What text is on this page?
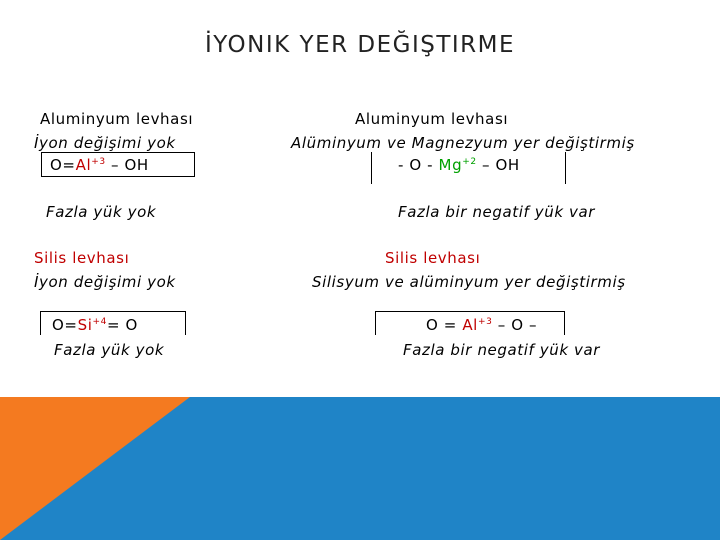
İYONIK YER DEĞIŞTIRME
Aluminyum levhası
İyon değişimi yok
$O=Al^{+3}$ – OH
Fazla yük yok
Silis levhası
İyon değişimi yok
$O=Si^{+4}= O$
Fazla yük yok
Aluminyum levhası
Alüminyum ve Magnezyum yer değiştirmiş
- O - $Mg^{+2}$ – OH
Fazla bir negatif yük var
Silis levhası
Silisyum ve alüminyum yer değiştirmiş
$O = Al^{+3} - O$ –
Fazla bir negatif yük var
